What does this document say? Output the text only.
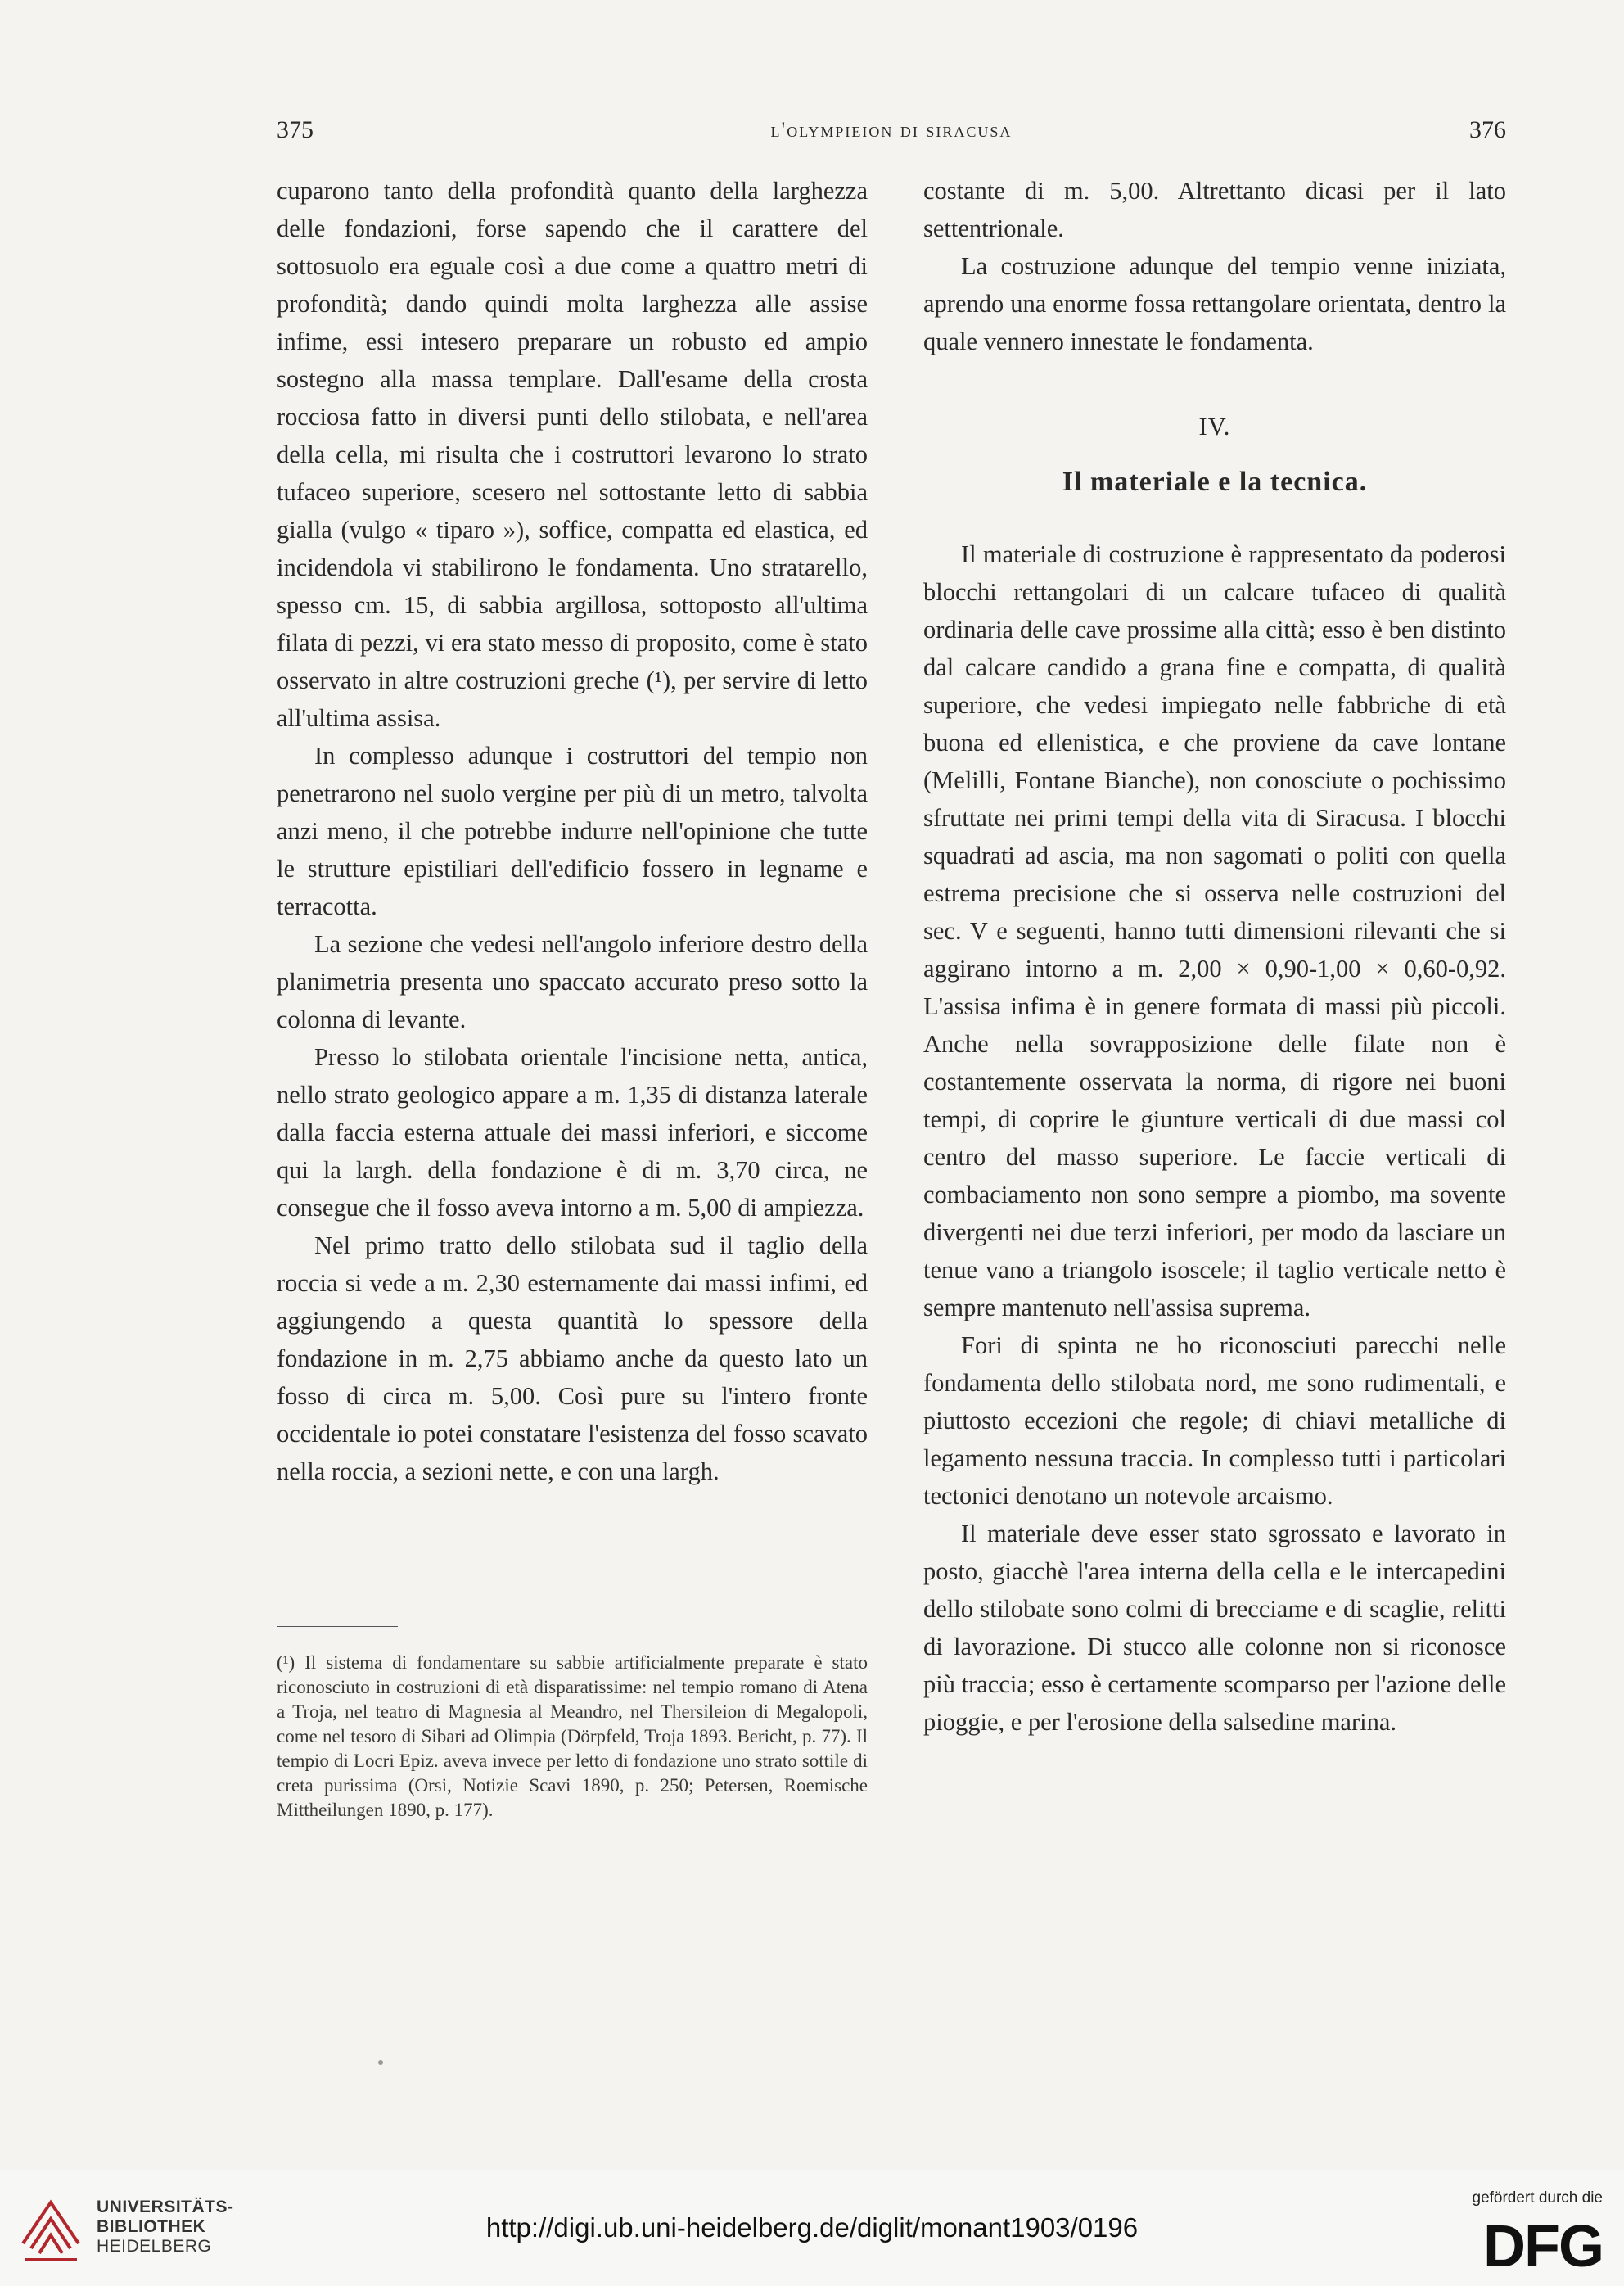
375	l'olympieion di siracusa	376

cuparono tanto della profondità quanto della larghezza delle fondazioni, forse sapendo che il carattere del sottosuolo era eguale così a due come a quattro metri di profondità; dando quindi molta larghezza alle assise infime, essi intesero preparare un robusto ed ampio sostegno alla massa templare. Dall'esame della crosta rocciosa fatto in diversi punti dello stilobata, e nell'area della cella, mi risulta che i costruttori levarono lo strato tufaceo superiore, scesero nel sottostante letto di sabbia gialla (vulgo « tiparo »), soffice, compatta ed elastica, ed incidendola vi stabilirono le fondamenta. Uno stratarello, spesso cm. 15, di sabbia argillosa, sottoposto all'ultima filata di pezzi, vi era stato messo di proposito, come è stato osservato in altre costruzioni greche (¹), per servire di letto all'ultima assisa.

In complesso adunque i costruttori del tempio non penetrarono nel suolo vergine per più di un metro, talvolta anzi meno, il che potrebbe indurre nell'opinione che tutte le strutture epistiliari dell'edificio fossero in legname e terracotta.

La sezione che vedesi nell'angolo inferiore destro della planimetria presenta uno spaccato accurato preso sotto la colonna di levante.

Presso lo stilobata orientale l'incisione netta, antica, nello strato geologico appare a m. 1,35 di distanza laterale dalla faccia esterna attuale dei massi inferiori, e siccome qui la largh. della fondazione è di m. 3,70 circa, ne consegue che il fosso aveva intorno a m. 5,00 di ampiezza.

Nel primo tratto dello stilobata sud il taglio della roccia si vede a m. 2,30 esternamente dai massi infimi, ed aggiungendo a questa quantità lo spessore della fondazione in m. 2,75 abbiamo anche da questo lato un fosso di circa m. 5,00. Così pure su l'intero fronte occidentale io potei constatare l'esistenza del fosso scavato nella roccia, a sezioni nette, e con una largh.

(¹) Il sistema di fondamentare su sabbie artificialmente preparate è stato riconosciuto in costruzioni di età disparatissime: nel tempio romano di Atena a Troja, nel teatro di Magnesia al Meandro, nel Thersileion di Megalopoli, come nel tesoro di Sibari ad Olimpia (Dörpfeld, Troja 1893. Bericht, p. 77). Il tempio di Locri Epiz. aveva invece per letto di fondazione uno strato sottile di creta purissima (Orsi, Notizie Scavi 1890, p. 250; Petersen, Roemische Mittheilungen 1890, p. 177).

costante di m. 5,00. Altrettanto dicasi per il lato settentrionale.

La costruzione adunque del tempio venne iniziata, aprendo una enorme fossa rettangolare orientata, dentro la quale vennero innestate le fondamenta.

IV.
Il materiale e la tecnica.

Il materiale di costruzione è rappresentato da poderosi blocchi rettangolari di un calcare tufaceo di qualità ordinaria delle cave prossime alla città; esso è ben distinto dal calcare candido a grana fine e compatta, di qualità superiore, che vedesi impiegato nelle fabbriche di età buona ed ellenistica, e che proviene da cave lontane (Melilli, Fontane Bianche), non conosciute o pochissimo sfruttate nei primi tempi della vita di Siracusa. I blocchi squadrati ad ascia, ma non sagomati o politi con quella estrema precisione che si osserva nelle costruzioni del sec. V e seguenti, hanno tutti dimensioni rilevanti che si aggirano intorno a m. 2,00 × 0,90-1,00 × 0,60-0,92. L'assisa infima è in genere formata di massi più piccoli. Anche nella sovrapposizione delle filate non è costantemente osservata la norma, di rigore nei buoni tempi, di coprire le giunture verticali di due massi col centro del masso superiore. Le faccie verticali di combaciamento non sono sempre a piombo, ma sovente divergenti nei due terzi inferiori, per modo da lasciare un tenue vano a triangolo isoscele; il taglio verticale netto è sempre mantenuto nell'assisa suprema.

Fori di spinta ne ho riconosciuti parecchi nelle fondamenta dello stilobata nord, me sono rudimentali, e piuttosto eccezioni che regole; di chiavi metalliche di legamento nessuna traccia. In complesso tutti i particolari tectonici denotano un notevole arcaismo.

Il materiale deve esser stato sgrossato e lavorato in posto, giacchè l'area interna della cella e le intercapedini dello stilobate sono colmi di brecciame e di scaglie, relitti di lavorazione. Di stucco alle colonne non si riconosce più traccia; esso è certamente scomparso per l'azione delle pioggie, e per l'erosione della salsedine marina.

UNIVERSITÄTS-
BIBLIOTHEK
HEIDELBERG
http://digi.ub.uni-heidelberg.de/diglit/monant1903/0196
gefördert durch die
DFG
